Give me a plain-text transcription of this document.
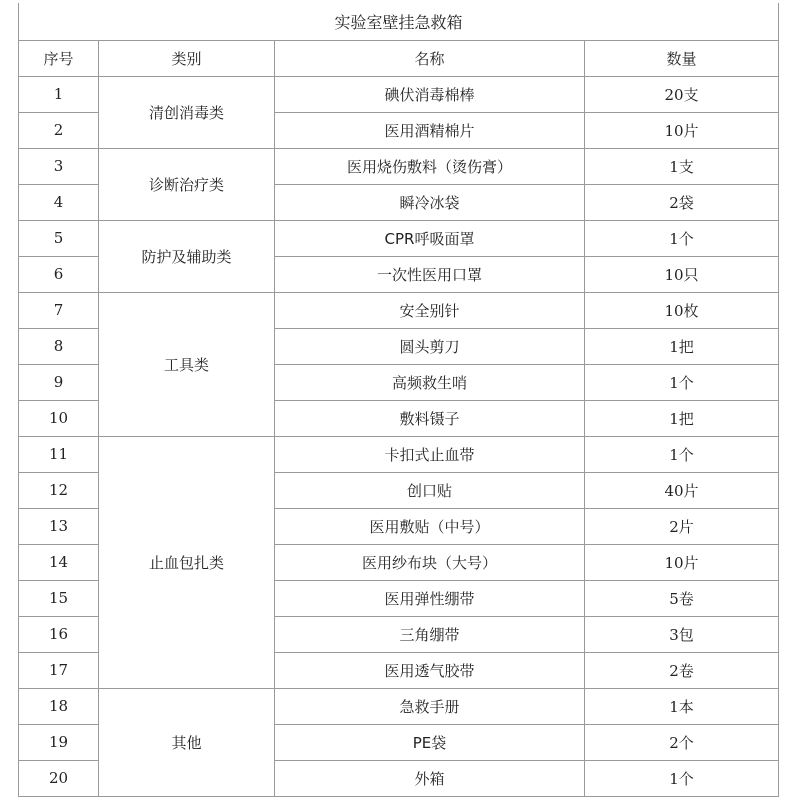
实验室壁挂急救箱			
序号	类别	名称	数量
1	清创消毒类	碘伏消毒棉棒	20支
2		医用酒精棉片	10片
3	诊断治疗类	医用烧伤敷料（烫伤膏）	1支
4		瞬冷冰袋	2袋
5	防护及辅助类	CPR呼吸面罩	1个
6		一次性医用口罩	10只
7	工具类	安全别针	10枚
8		圆头剪刀	1把
9		高频救生哨	1个
10		敷料镊子	1把
11	止血包扎类	卡扣式止血带	1个
12		创口贴	40片
13		医用敷贴（中号）	2片
14		医用纱布块（大号）	10片
15		医用弹性绷带	5卷
16		三角绷带	3包
17		医用透气胶带	2卷
18	其他	急救手册	1本
19		PE袋	2个
20		外箱	1个
